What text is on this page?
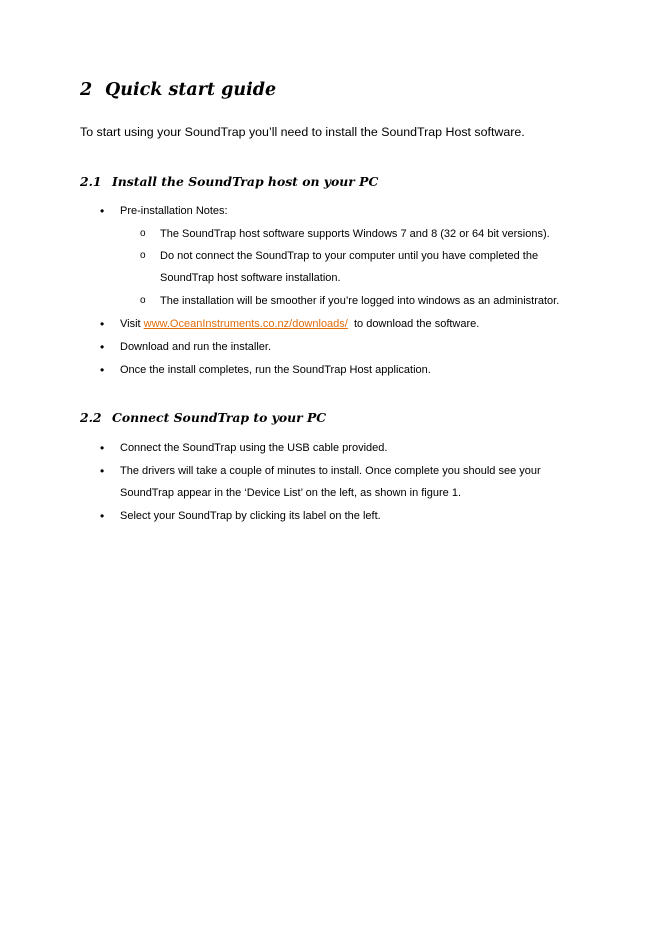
2 Quick start guide
To start using your SoundTrap you’ll need to install the SoundTrap Host software.
2.1 Install the SoundTrap host on your PC
•	Pre-installation Notes:
o The SoundTrap host software supports Windows 7 and 8 (32 or 64 bit versions).
o Do not connect the SoundTrap to your computer until you have completed the
SoundTrap host software installation.
o The installation will be smoother if you’re logged into windows as an administrator.
•	Visit www.OceanInstruments.co.nz/downloads/  to download the software.
•	Download and run the installer.
•	Once the install completes, run the SoundTrap Host application.
2.2 Connect SoundTrap to your PC
•	Connect the SoundTrap using the USB cable provided.
•	The drivers will take a couple of minutes to install. Once complete you should see your
SoundTrap appear in the ‘Device List’ on the left, as shown in figure 1.
•	Select your SoundTrap by clicking its label on the left.
